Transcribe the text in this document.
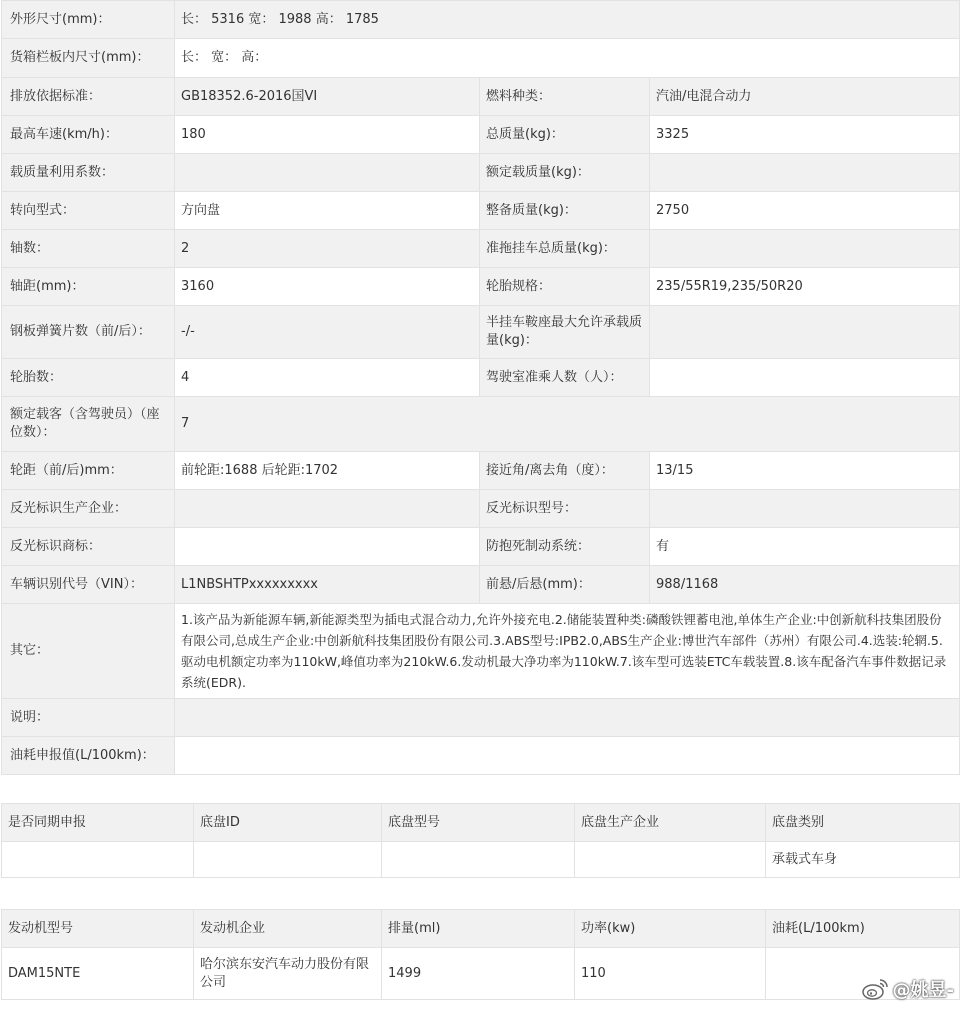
外形尺寸(mm)：	长： 5316 宽： 1988 高： 1785		
货箱栏板内尺寸(mm)：	长： 宽： 高：		
排放依据标准：	GB18352.6-2016国VI	燃料种类：	汽油/电混合动力
最高车速(km/h)：	180	总质量(kg)：	3325
载质量利用系数：		额定载质量(kg)：	
转向型式：	方向盘	整备质量(kg)：	2750
轴数：	2	准拖挂车总质量(kg)：	
轴距(mm)：	3160	轮胎规格：	235/55R19,235/50R20
钢板弹簧片数（前/后）：	-/-	半挂车鞍座最大允许承载质量(kg)：	
轮胎数：	4	驾驶室准乘人数（人）：	
额定载客（含驾驶员）（座位数）：	7		
轮距（前/后)mm：	前轮距:1688 后轮距:1702	接近角/离去角（度）：	13/15
反光标识生产企业：		反光标识型号：	
反光标识商标：		防抱死制动系统：	有
车辆识别代号（VIN）：	L1NBSHTPxxxxxxxxx	前悬/后悬(mm)：	988/1168
其它：	1.该产品为新能源车辆,新能源类型为插电式混合动力,允许外接充电.2.储能装置种类:磷酸铁锂蓄电池,单体生产企业:中创新航科技集团股份有限公司,总成生产企业:中创新航科技集团股份有限公司.3.ABS型号:IPB2.0,ABS生产企业:博世汽车部件（苏州）有限公司.4.选装:轮辋.5.驱动电机额定功率为110kW,峰值功率为210kW.6.发动机最大净功率为110kW.7.该车型可选装ETC车载装置.8.该车配备汽车事件数据记录系统(EDR).		
说明：			
油耗申报值(L/100km)：			
是否同期申报	底盘ID	底盘型号	底盘生产企业	底盘类别
				承载式车身
发动机型号	发动机企业	排量(ml)	功率(kw)	油耗(L/100km)
DAM15NTE	哈尔滨东安汽车动力股份有限公司	1499	110	
@姚昱-
